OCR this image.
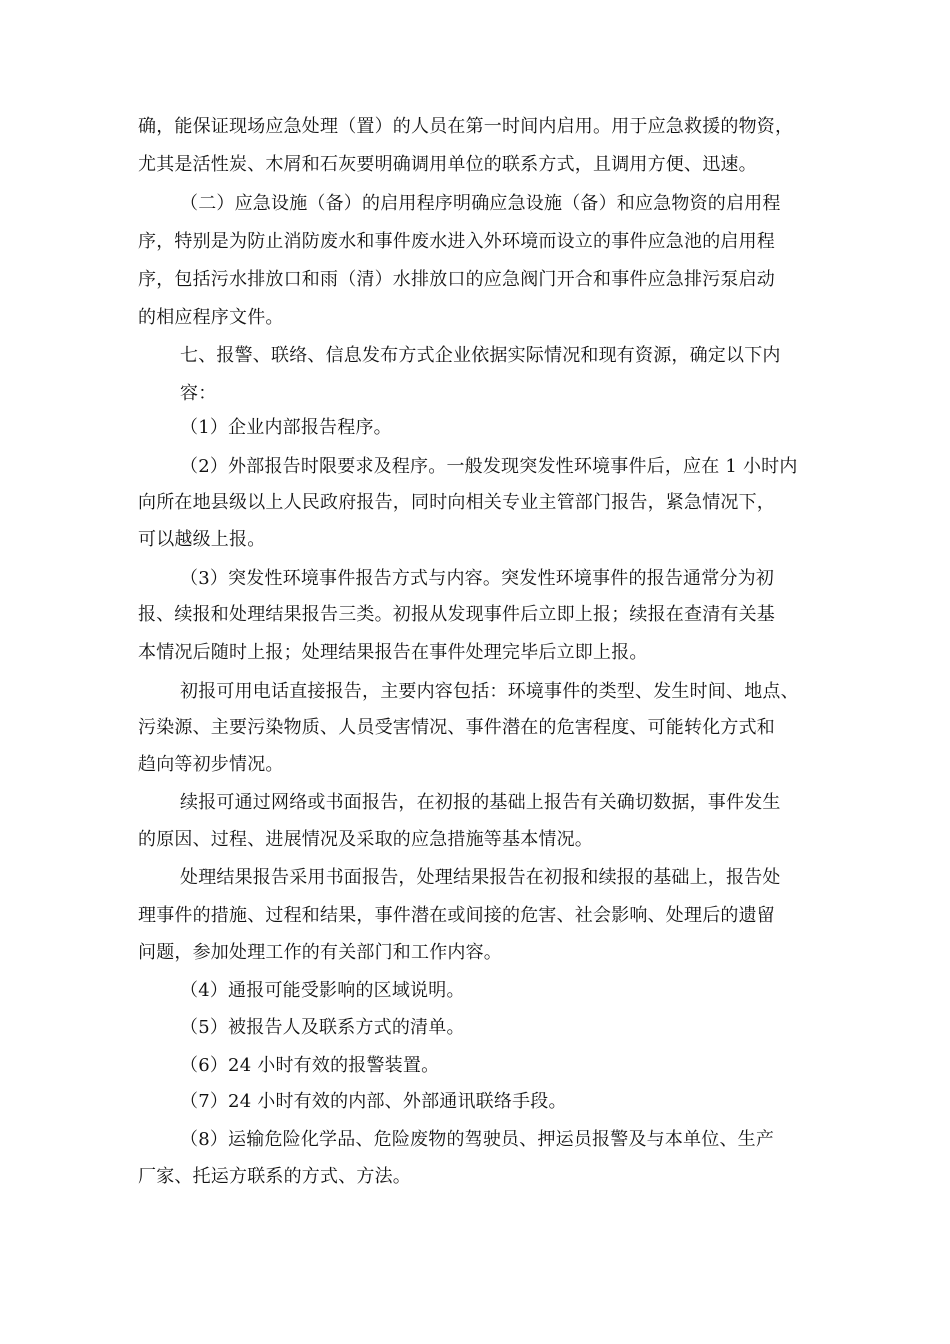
确，能保证现场应急处理（置）的人员在第一时间内启用。用于应急救援的物资，
尤其是活性炭、木屑和石灰要明确调用单位的联系方式，且调用方便、迅速。
（二）应急设施（备）的启用程序明确应急设施（备）和应急物资的启用程
序，特别是为防止消防废水和事件废水进入外环境而设立的事件应急池的启用程
序，包括污水排放口和雨（清）水排放口的应急阀门开合和事件应急排污泵启动
的相应程序文件。
七、报警、联络、信息发布方式企业依据实际情况和现有资源，确定以下内
容：
（1）企业内部报告程序。
（2）外部报告时限要求及程序。一般发现突发性环境事件后，应在 1 小时内
向所在地县级以上人民政府报告，同时向相关专业主管部门报告，紧急情况下，
可以越级上报。
（3）突发性环境事件报告方式与内容。突发性环境事件的报告通常分为初
报、续报和处理结果报告三类。初报从发现事件后立即上报；续报在查清有关基
本情况后随时上报；处理结果报告在事件处理完毕后立即上报。
初报可用电话直接报告，主要内容包括：环境事件的类型、发生时间、地点、
污染源、主要污染物质、人员受害情况、事件潜在的危害程度、可能转化方式和
趋向等初步情况。
续报可通过网络或书面报告，在初报的基础上报告有关确切数据，事件发生
的原因、过程、进展情况及采取的应急措施等基本情况。
处理结果报告采用书面报告，处理结果报告在初报和续报的基础上，报告处
理事件的措施、过程和结果，事件潜在或间接的危害、社会影响、处理后的遗留
问题，参加处理工作的有关部门和工作内容。
（4）通报可能受影响的区域说明。
（5）被报告人及联系方式的清单。
（6）24 小时有效的报警装置。
（7）24 小时有效的内部、外部通讯联络手段。
（8）运输危险化学品、危险废物的驾驶员、押运员报警及与本单位、生产
厂家、托运方联系的方式、方法。
